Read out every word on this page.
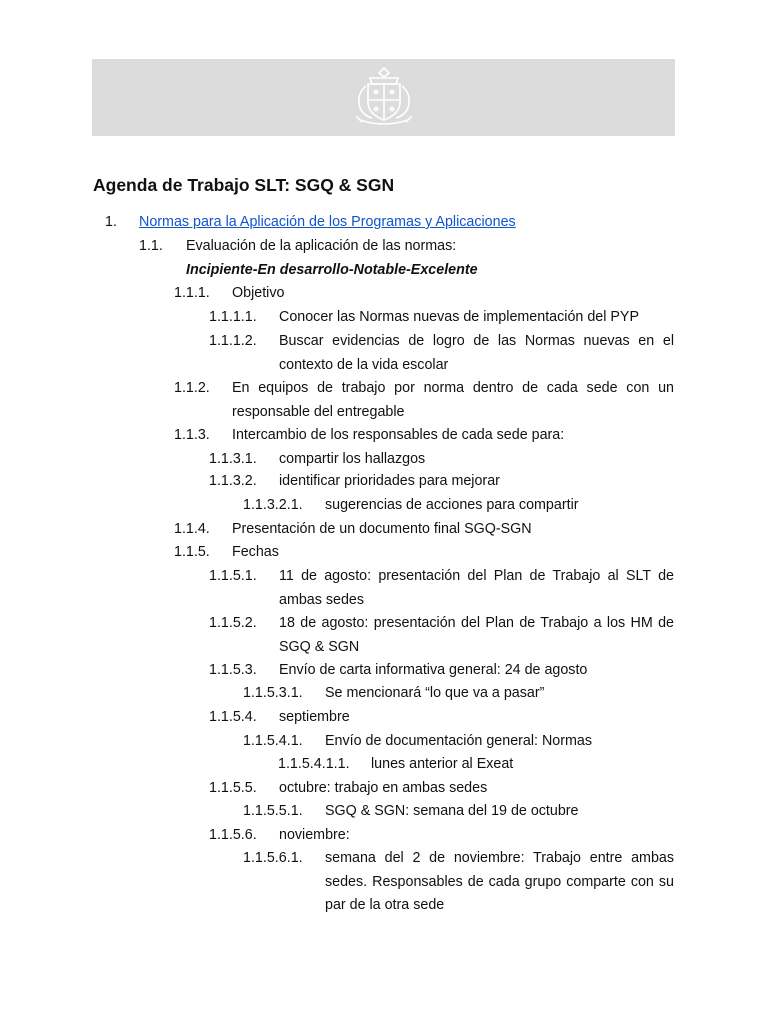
Agenda de Trabajo SLT: SGQ & SGN
1. Normas para la Aplicación de los Programas y Aplicaciones
1.1. Evaluación de la aplicación de las normas:
Incipiente-En desarrollo-Notable-Excelente
1.1.1. Objetivo
1.1.1.1. Conocer las Normas nuevas de implementación del PYP
1.1.1.2. Buscar evidencias de logro de las Normas nuevas en el contexto de la vida escolar
1.1.2. En equipos de trabajo por norma dentro de cada sede con un responsable del entregable
1.1.3. Intercambio de los responsables de cada sede para:
1.1.3.1. compartir los hallazgos
1.1.3.2. identificar prioridades para mejorar
1.1.3.2.1. sugerencias de acciones para compartir
1.1.4. Presentación de un documento final SGQ-SGN
1.1.5. Fechas
1.1.5.1. 11 de agosto: presentación del Plan de Trabajo al SLT de ambas sedes
1.1.5.2. 18 de agosto: presentación del Plan de Trabajo a los HM de SGQ & SGN
1.1.5.3. Envío de carta informativa general: 24 de agosto
1.1.5.3.1. Se mencionará “lo que va a pasar”
1.1.5.4. septiembre
1.1.5.4.1. Envío de documentación general: Normas
1.1.5.4.1.1. lunes anterior al Exeat
1.1.5.5. octubre: trabajo en ambas sedes
1.1.5.5.1. SGQ & SGN: semana del 19 de octubre
1.1.5.6. noviembre:
1.1.5.6.1. semana del 2 de noviembre: Trabajo entre ambas sedes. Responsables de cada grupo comparte con su par de la otra sede
